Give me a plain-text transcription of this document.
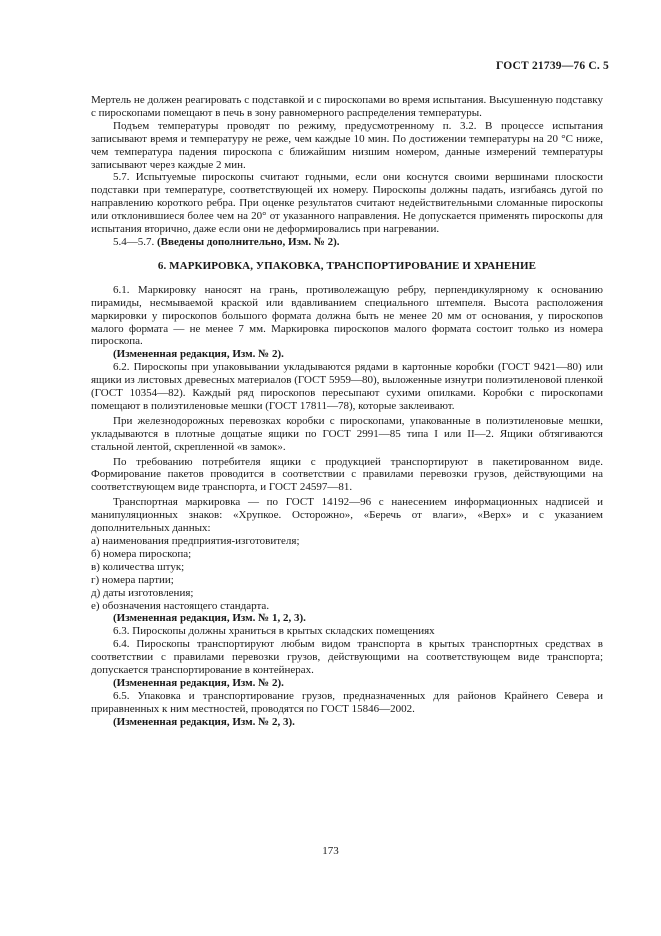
ГОСТ 21739—76 С. 5

Мертель не должен реагировать с подставкой и с пироскопами во время испытания. Высушенную подставку с пироскопами помещают в печь в зону равномерного распределения температуры.

Подъем температуры проводят по режиму, предусмотренному п. 3.2. В процессе испытания записывают время и температуру не реже, чем каждые 10 мин. По достижении температуры на 20 °С ниже, чем температура падения пироскопа с ближайшим низшим номером, данные измерений температуры записывают через каждые 2 мин.

5.7. Испытуемые пироскопы считают годными, если они коснутся своими вершинами плоскости подставки при температуре, соответствующей их номеру. Пироскопы должны падать, изгибаясь дугой по направлению короткого ребра. При оценке результатов считают недействительными сломанные пироскопы или отклонившиеся более чем на 20° от указанного направления. Не допускается применять пироскопы для испытания вторично, даже если они не деформировались при нагревании.

5.4—5.7. (Введены дополнительно, Изм. № 2).

6. МАРКИРОВКА, УПАКОВКА, ТРАНСПОРТИРОВАНИЕ И ХРАНЕНИЕ

6.1. Маркировку наносят на грань, противолежащую ребру, перпендикулярному к основанию пирамиды, несмываемой краской или вдавливанием специального штемпеля. Высота расположения маркировки у пироскопов большого формата должна быть не менее 20 мм от основания, у пироскопов малого формата — не менее 7 мм. Маркировка пироскопов малого формата состоит только из номера пироскопа.

(Измененная редакция, Изм. № 2).

6.2. Пироскопы при упаковывании укладываются рядами в картонные коробки (ГОСТ 9421—80) или ящики из листовых древесных материалов (ГОСТ 5959—80), выложенные изнутри полиэтиленовой пленкой (ГОСТ 10354—82). Каждый ряд пироскопов пересыпают сухими опилками. Коробки с пироскопами помещают в полиэтиленовые мешки (ГОСТ 17811—78), которые заклеивают.

При железнодорожных перевозках коробки с пироскопами, упакованные в полиэтиленовые мешки, укладываются в плотные дощатые ящики по ГОСТ 2991—85 типа I или II—2. Ящики обтягиваются стальной лентой, скрепленной «в замок».

По требованию потребителя ящики с продукцией транспортируют в пакетированном виде. Формирование пакетов проводится в соответствии с правилами перевозки грузов, действующими на соответствующем виде транспорта, и ГОСТ 24597—81.

Транспортная маркировка — по ГОСТ 14192—96 с нанесением информационных надписей и манипуляционных знаков: «Хрупкое. Осторожно», «Беречь от влаги», «Верх» и с указанием дополнительных данных:

а) наименования предприятия-изготовителя;

б) номера пироскопа;

в) количества штук;

г) номера партии;

д) даты изготовления;

е) обозначения настоящего стандарта.

(Измененная редакция, Изм. № 1, 2, 3).

6.3. Пироскопы должны храниться в крытых складских помещениях

6.4. Пироскопы транспортируют любым видом транспорта в крытых транспортных средствах в соответствии с правилами перевозки грузов, действующими на соответствующем виде транспорта; допускается транспортирование в контейнерах.

(Измененная редакция, Изм. № 2).

6.5. Упаковка и транспортирование грузов, предназначенных для районов Крайнего Севера и приравненных к ним местностей, проводятся по ГОСТ 15846—2002.

(Измененная редакция, Изм. № 2, 3).

173
